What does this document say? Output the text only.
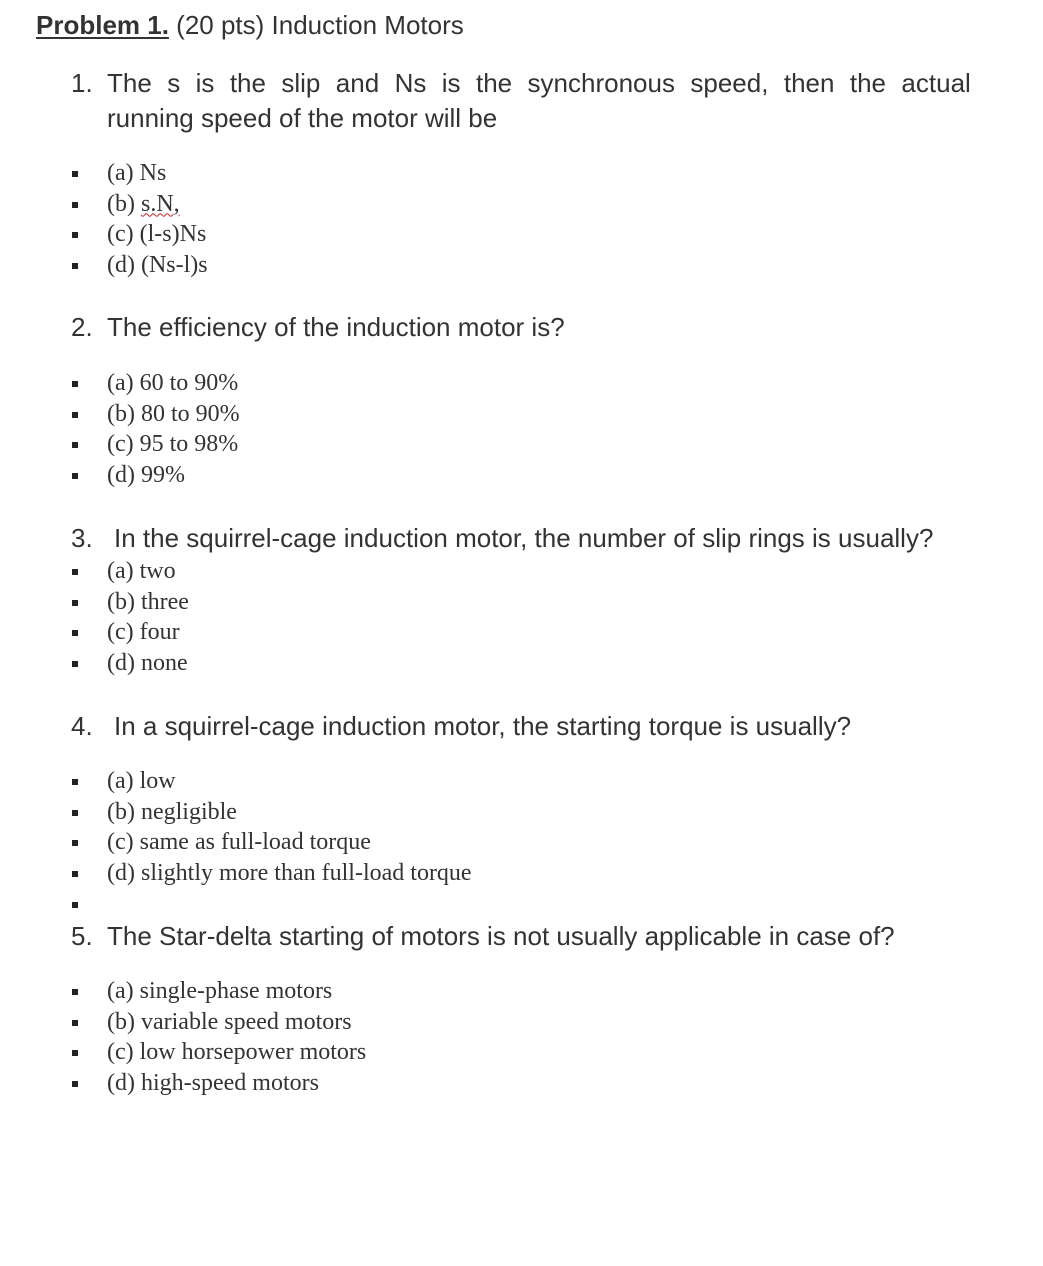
Problem 1. (20 pts) Induction Motors
1. The s is the slip and Ns is the synchronous speed, then the actual
running speed of the motor will be
(a) Ns
(b) s.N,
(c) (l-s)Ns
(d) (Ns-l)s
2. The efficiency of the induction motor is?
(a) 60 to 90%
(b) 80 to 90%
(c) 95 to 98%
(d) 99%
3. In the squirrel-cage induction motor, the number of slip rings is usually?
(a) two
(b) three
(c) four
(d) none
4. In a squirrel-cage induction motor, the starting torque is usually?
(a) low
(b) negligible
(c) same as full-load torque
(d) slightly more than full-load torque
5. The Star-delta starting of motors is not usually applicable in case of?
(a) single-phase motors
(b) variable speed motors
(c) low horsepower motors
(d) high-speed motors
